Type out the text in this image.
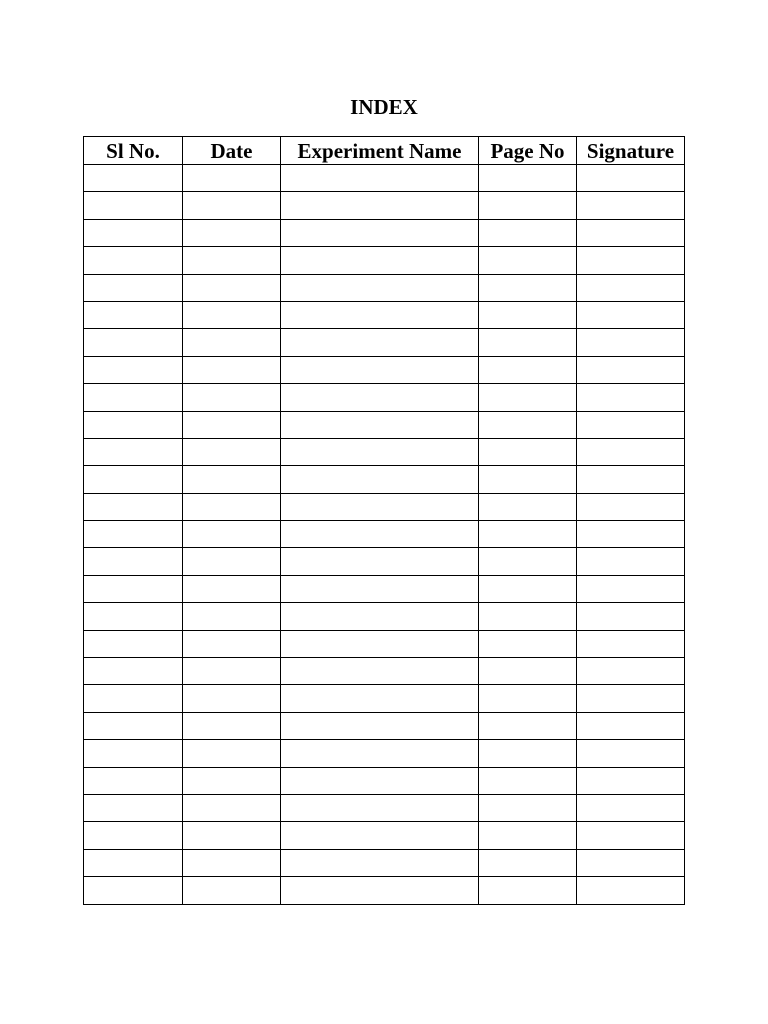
INDEX
Sl No.	Date	Experiment Name	Page No	Signature
